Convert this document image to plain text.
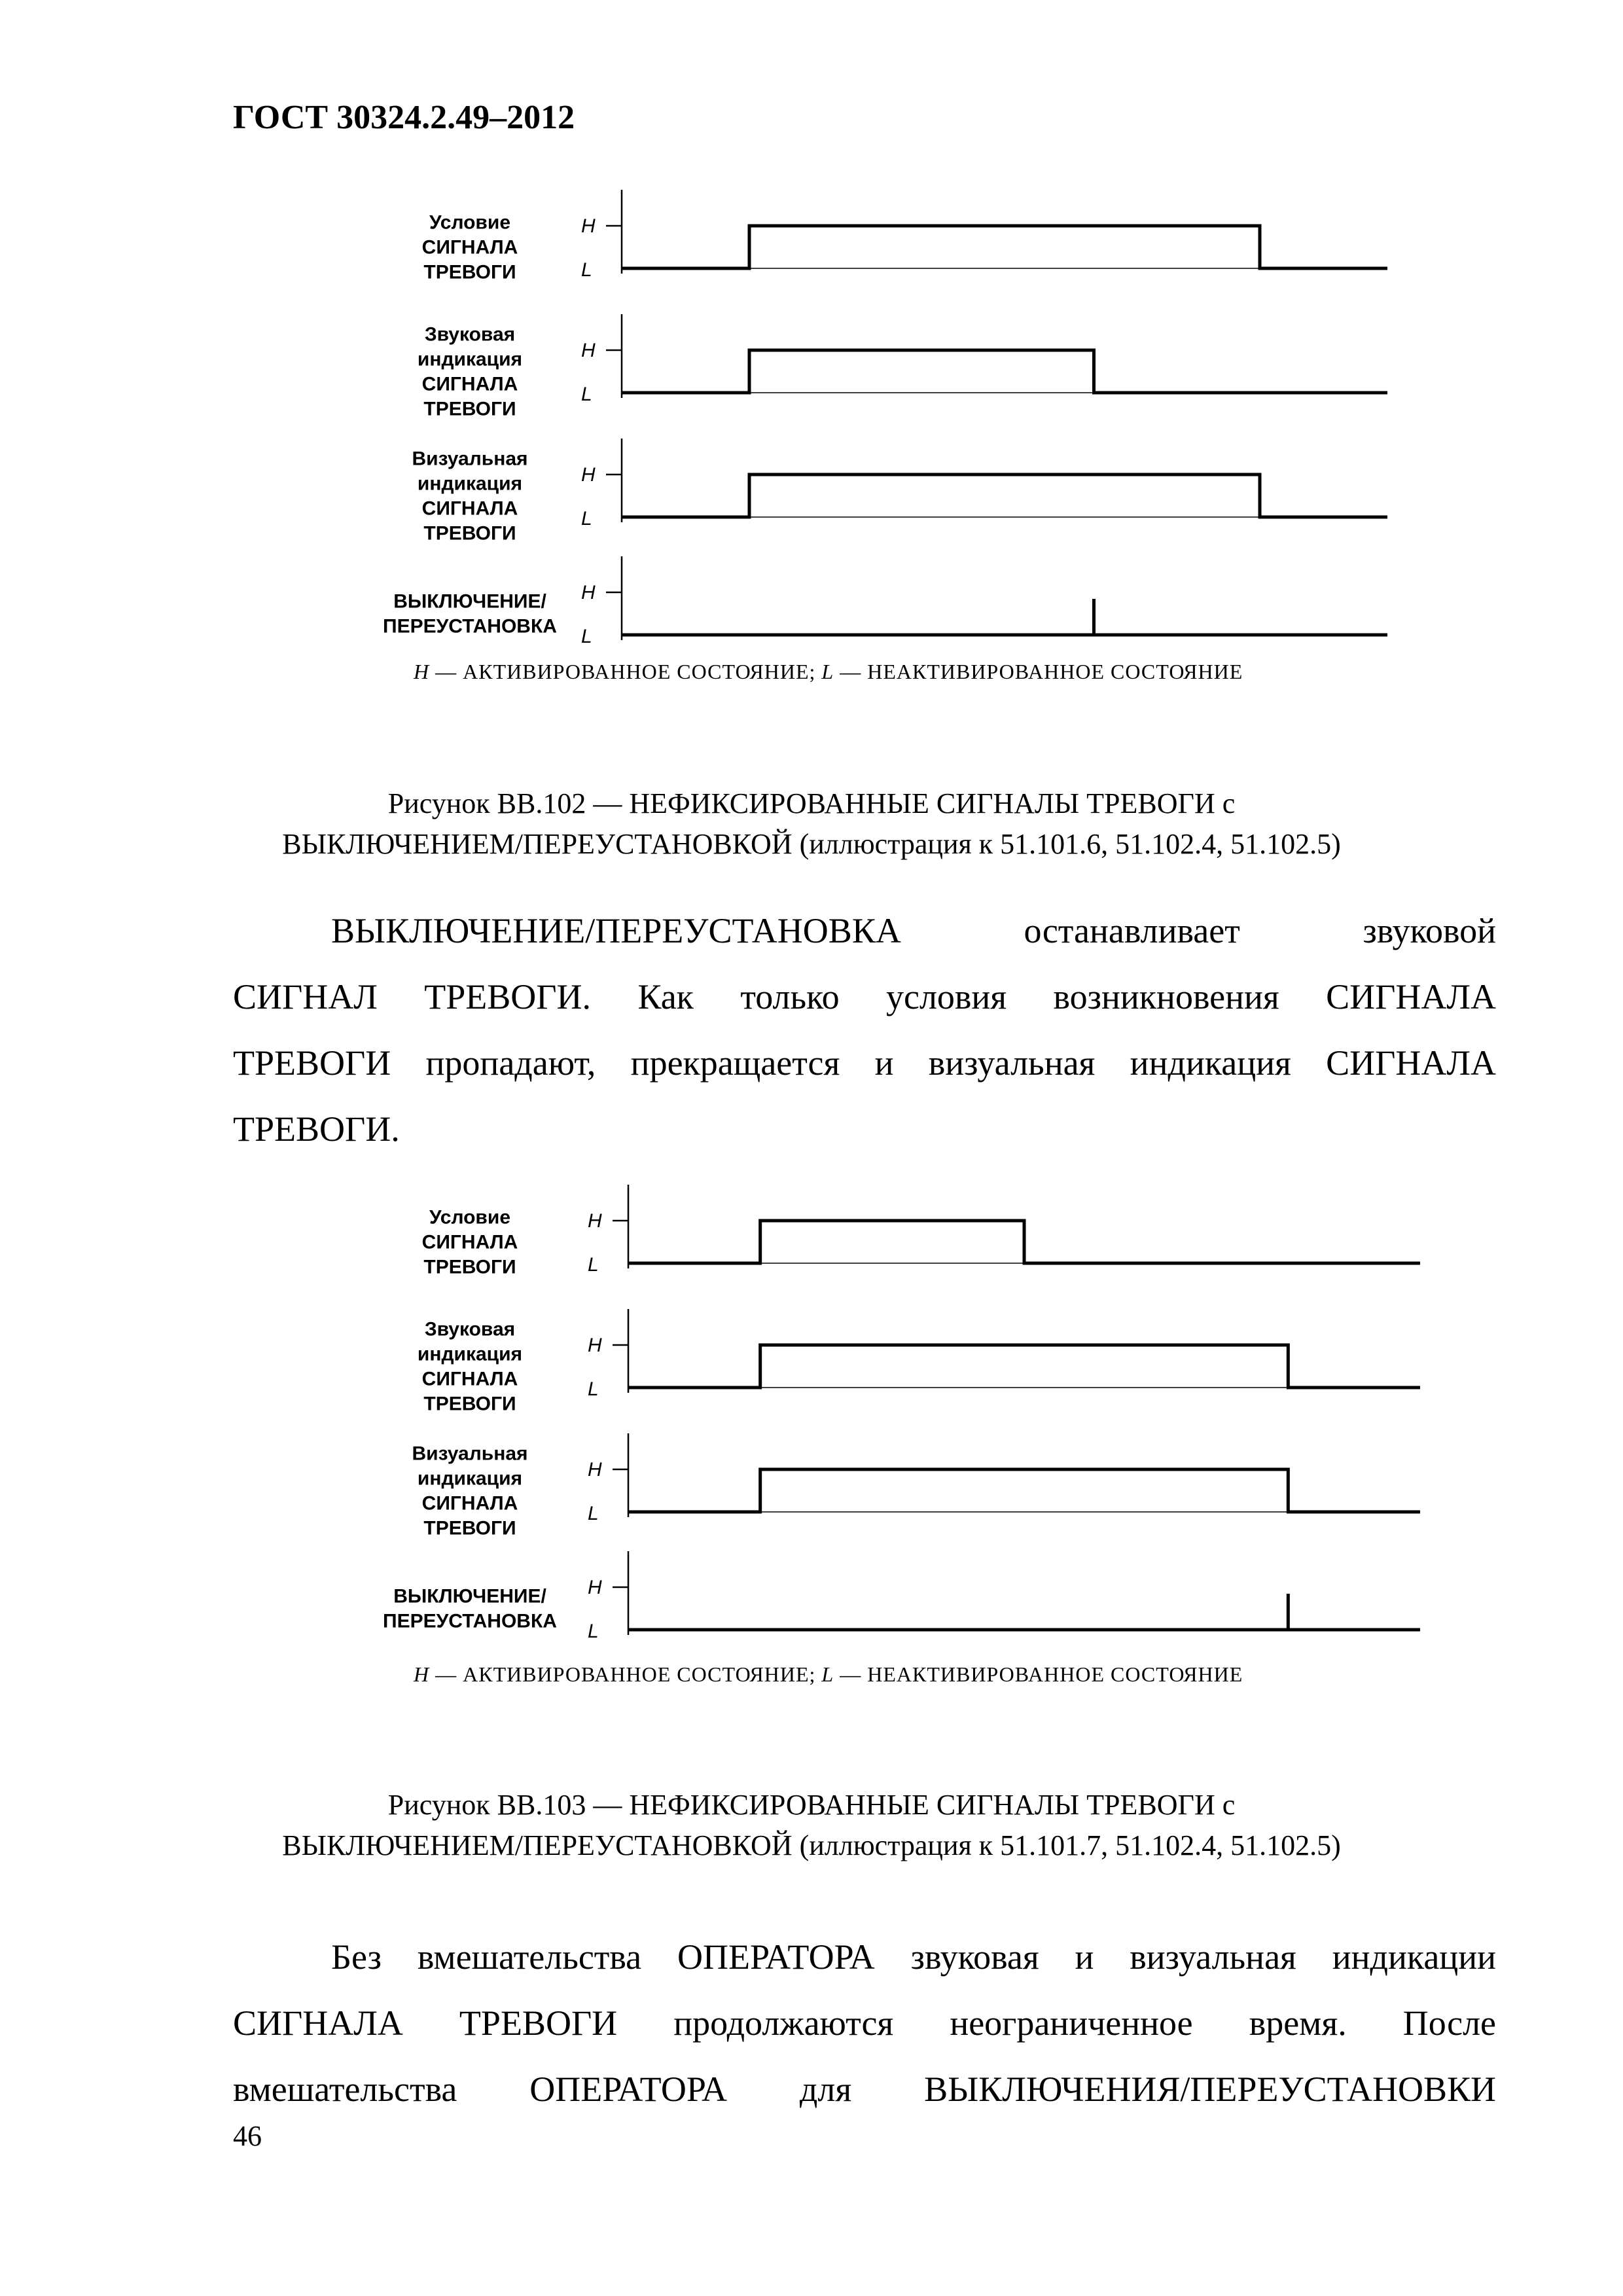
ГОСТ 30324.2.49–2012
Условие
СИГНАЛА
ТРЕВОГИ
H
L
Звуковая
индикация
СИГНАЛА
ТРЕВОГИ
H
L
Визуальная
индикация
СИГНАЛА
ТРЕВОГИ
H
L
ВЫКЛЮЧЕНИЕ/
ПЕРЕУСТАНОВКА
H
L
H — АКТИВИРОВАННОЕ СОСТОЯНИЕ; L — НЕАКТИВИРОВАННОЕ СОСТОЯНИЕ
Рисунок ВВ.102 — НЕФИКСИРОВАННЫЕ СИГНАЛЫ ТРЕВОГИ с
ВЫКЛЮЧЕНИЕМ/ПЕРЕУСТАНОВКОЙ (иллюстрация к 51.101.6, 51.102.4, 51.102.5)
ВЫКЛЮЧЕНИЕ/ПЕРЕУСТАНОВКА останавливает звуковой
СИГНАЛ ТРЕВОГИ. Как только условия возникновения СИГНАЛА
ТРЕВОГИ пропадают, прекращается и визуальная индикация СИГНАЛА
ТРЕВОГИ.
Условие
СИГНАЛА
ТРЕВОГИ
H
L
Звуковая
индикация
СИГНАЛА
ТРЕВОГИ
H
L
Визуальная
индикация
СИГНАЛА
ТРЕВОГИ
H
L
ВЫКЛЮЧЕНИЕ/
ПЕРЕУСТАНОВКА
H
L
H — АКТИВИРОВАННОЕ СОСТОЯНИЕ; L — НЕАКТИВИРОВАННОЕ СОСТОЯНИЕ
Рисунок ВВ.103 — НЕФИКСИРОВАННЫЕ СИГНАЛЫ ТРЕВОГИ с
ВЫКЛЮЧЕНИЕМ/ПЕРЕУСТАНОВКОЙ (иллюстрация к 51.101.7, 51.102.4, 51.102.5)
Без вмешательства ОПЕРАТОРА звуковая и визуальная индикации
СИГНАЛА ТРЕВОГИ продолжаются неограниченное время. После
вмешательства ОПЕРАТОРА для ВЫКЛЮЧЕНИЯ/ПЕРЕУСТАНОВКИ
46
